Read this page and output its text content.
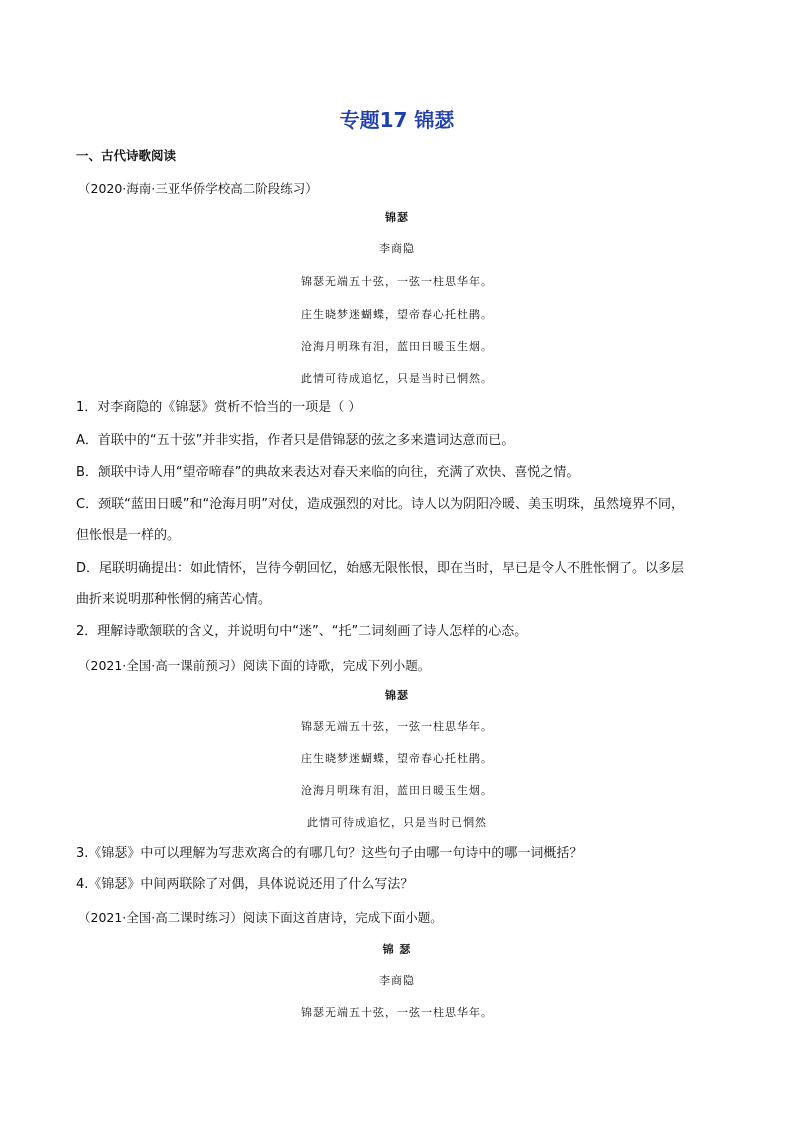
专题17 锦瑟
一、古代诗歌阅读
（2020·海南·三亚华侨学校高二阶段练习）
锦瑟
李商隐
锦瑟无端五十弦，一弦一柱思华年。
庄生晓梦迷蝴蝶，望帝春心托杜鹃。
沧海月明珠有泪，蓝田日暖玉生烟。
此情可待成追忆，只是当时已惘然。
1．对李商隐的《锦瑟》赏析不恰当的一项是（ ）
A．首联中的“五十弦”并非实指，作者只是借锦瑟的弦之多来遣词达意而已。
B．颔联中诗人用“望帝啼春”的典故来表达对春天来临的向往，充满了欢快、喜悦之情。
C．颈联“蓝田日暖”和“沧海月明”对仗，造成强烈的对比。诗人以为阴阳冷暖、美玉明珠，虽然境界不同，
但怅恨是一样的。
D．尾联明确提出：如此情怀，岂待今朝回忆，始感无限怅恨，即在当时，早已是令人不胜怅惘了。以多层
曲折来说明那种怅惘的痛苦心情。
2．理解诗歌颔联的含义，并说明句中“迷”、“托”二词刻画了诗人怎样的心态。
（2021·全国·高一课前预习）阅读下面的诗歌，完成下列小题。
锦瑟
锦瑟无端五十弦，一弦一柱思华年。
庄生晓梦迷蝴蝶，望帝春心托杜鹃。
沧海月明珠有泪，蓝田日暖玉生烟。
此情可待成追忆，只是当时已惘然
3.《锦瑟》中可以理解为写悲欢离合的有哪几句？这些句子由哪一句诗中的哪一词概括？
4.《锦瑟》中间两联除了对偶，具体说说还用了什么写法？
（2021·全国·高二课时练习）阅读下面这首唐诗，完成下面小题。
锦 瑟
李商隐
锦瑟无端五十弦，一弦一柱思华年。
